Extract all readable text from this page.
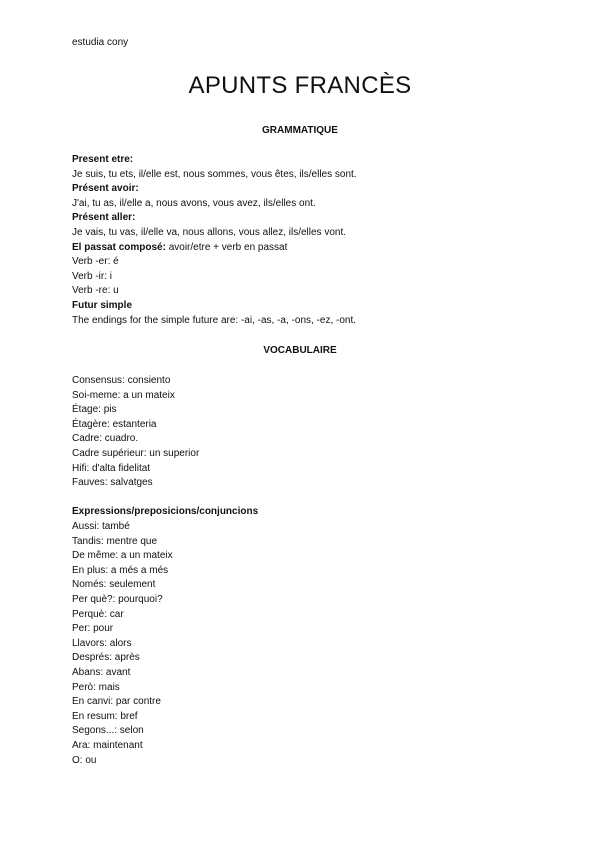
estudia cony
APUNTS FRANCÈS
GRAMMATIQUE
Present etre:
Je suis, tu ets, il/elle est, nous sommes, vous êtes, ils/elles sont.
Présent avoir:
J'ai, tu as, il/elle a, nous avons, vous avez, ils/elles ont.
Présent aller:
Je vais, tu vas, il/elle va, nous allons, vous allez, ils/elles vont.
El passat composé: avoir/etre + verb en passat
Verb -er: é
Verb -ir: i
Verb -re: u
Futur simple
The endings for the simple future are: -ai, -as, -a, -ons, -ez, -ont.
VOCABULAIRE
Consensus: consiento
Soi-meme: a un mateix
Étage: pis
Étagère: estanteria
Cadre: cuadro.
Cadre supérieur: un superior
Hifi: d'alta fidelitat
Fauves: salvatges
Expressions/preposicions/conjuncions
Aussi: també
Tandis: mentre que
De même: a un mateix
En plus: a més a més
Només: seulement
Per què?: pourquoi?
Perquè: car
Per: pour
Llavors: alors
Després: après
Abans: avant
Però: mais
En canvi: par contre
En resum: bref
Segons...: selon
Ara: maintenant
O: ou
